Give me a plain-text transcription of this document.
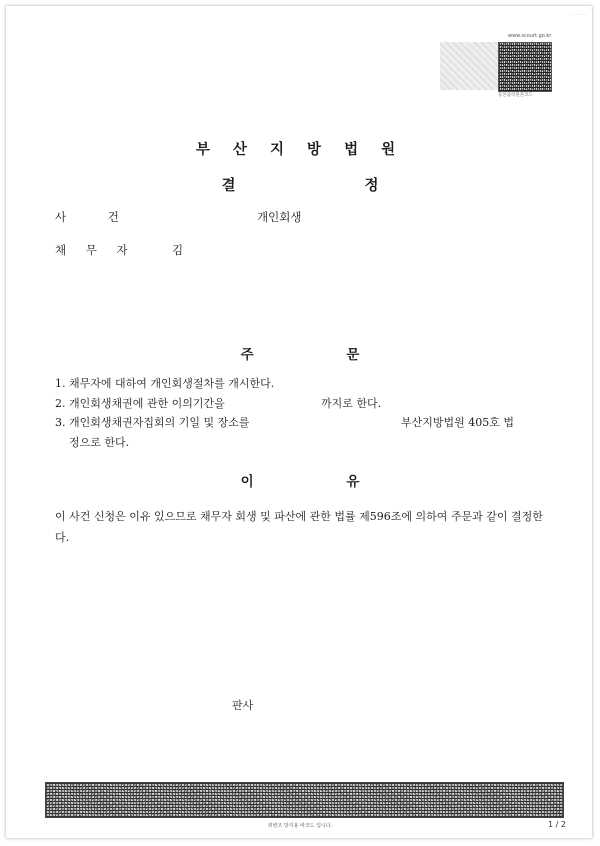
- - - - - -
www.scourt.go.kr
등본출력원본코드
부 산 지 방 법 원
결 정
사 건	개인회생
채 무 자	김
주 문
1. 채무자에 대하여 개인회생절차를 개시한다.
2. 개인회생채권에 관한 이의기간을	까지로 한다.
3. 개인회생채권자집회의 기일 및 장소를	부산지방법원 405호 법
정으로 한다.
이 유
이 사건 신청은 이유 있으므로 채무자 회생 및 파산에 관한 법률 제596조에 의하여 주문과 같이 결정한다.
판사
위변조 방지용 바코드 입니다.	1 / 2
